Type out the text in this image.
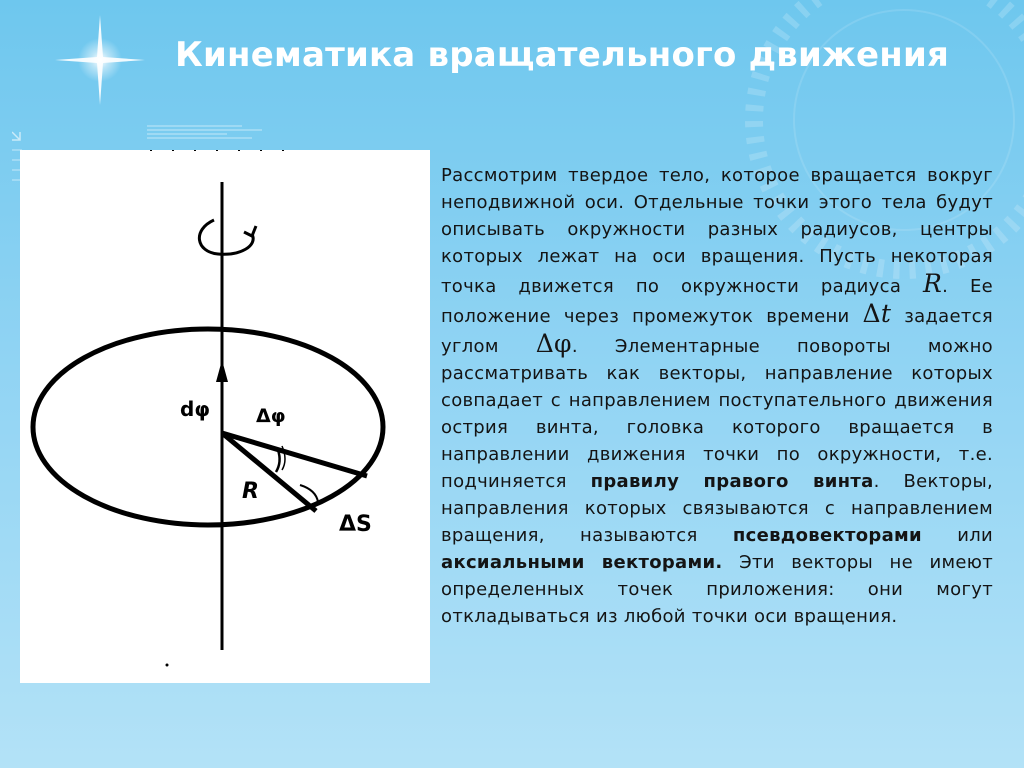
Кинематика вращательного движения
dφ Δφ
R
ΔS
Рассмотрим твердое тело, которое вращается вокруг неподвижной оси. Отдельные точки этого тела будут описывать окружности разных радиусов, центры которых лежат на оси вращения. Пусть некоторая точка движется по окружности радиуса R. Ее положение через промежуток времени Δt задается углом Δφ. Элементарные повороты можно рассматривать как векторы, направление которых совпадает с направлением поступательного движения острия винта, головка которого вращается в направлении движения точки по окружности, т.е. подчиняется правилу правого винта. Векторы, направления которых связываются с направлением вращения, называются псевдовекторами или аксиальными векторами. Эти векторы не имеют определенных точек приложения: они могут откладываться из любой точки оси вращения.
